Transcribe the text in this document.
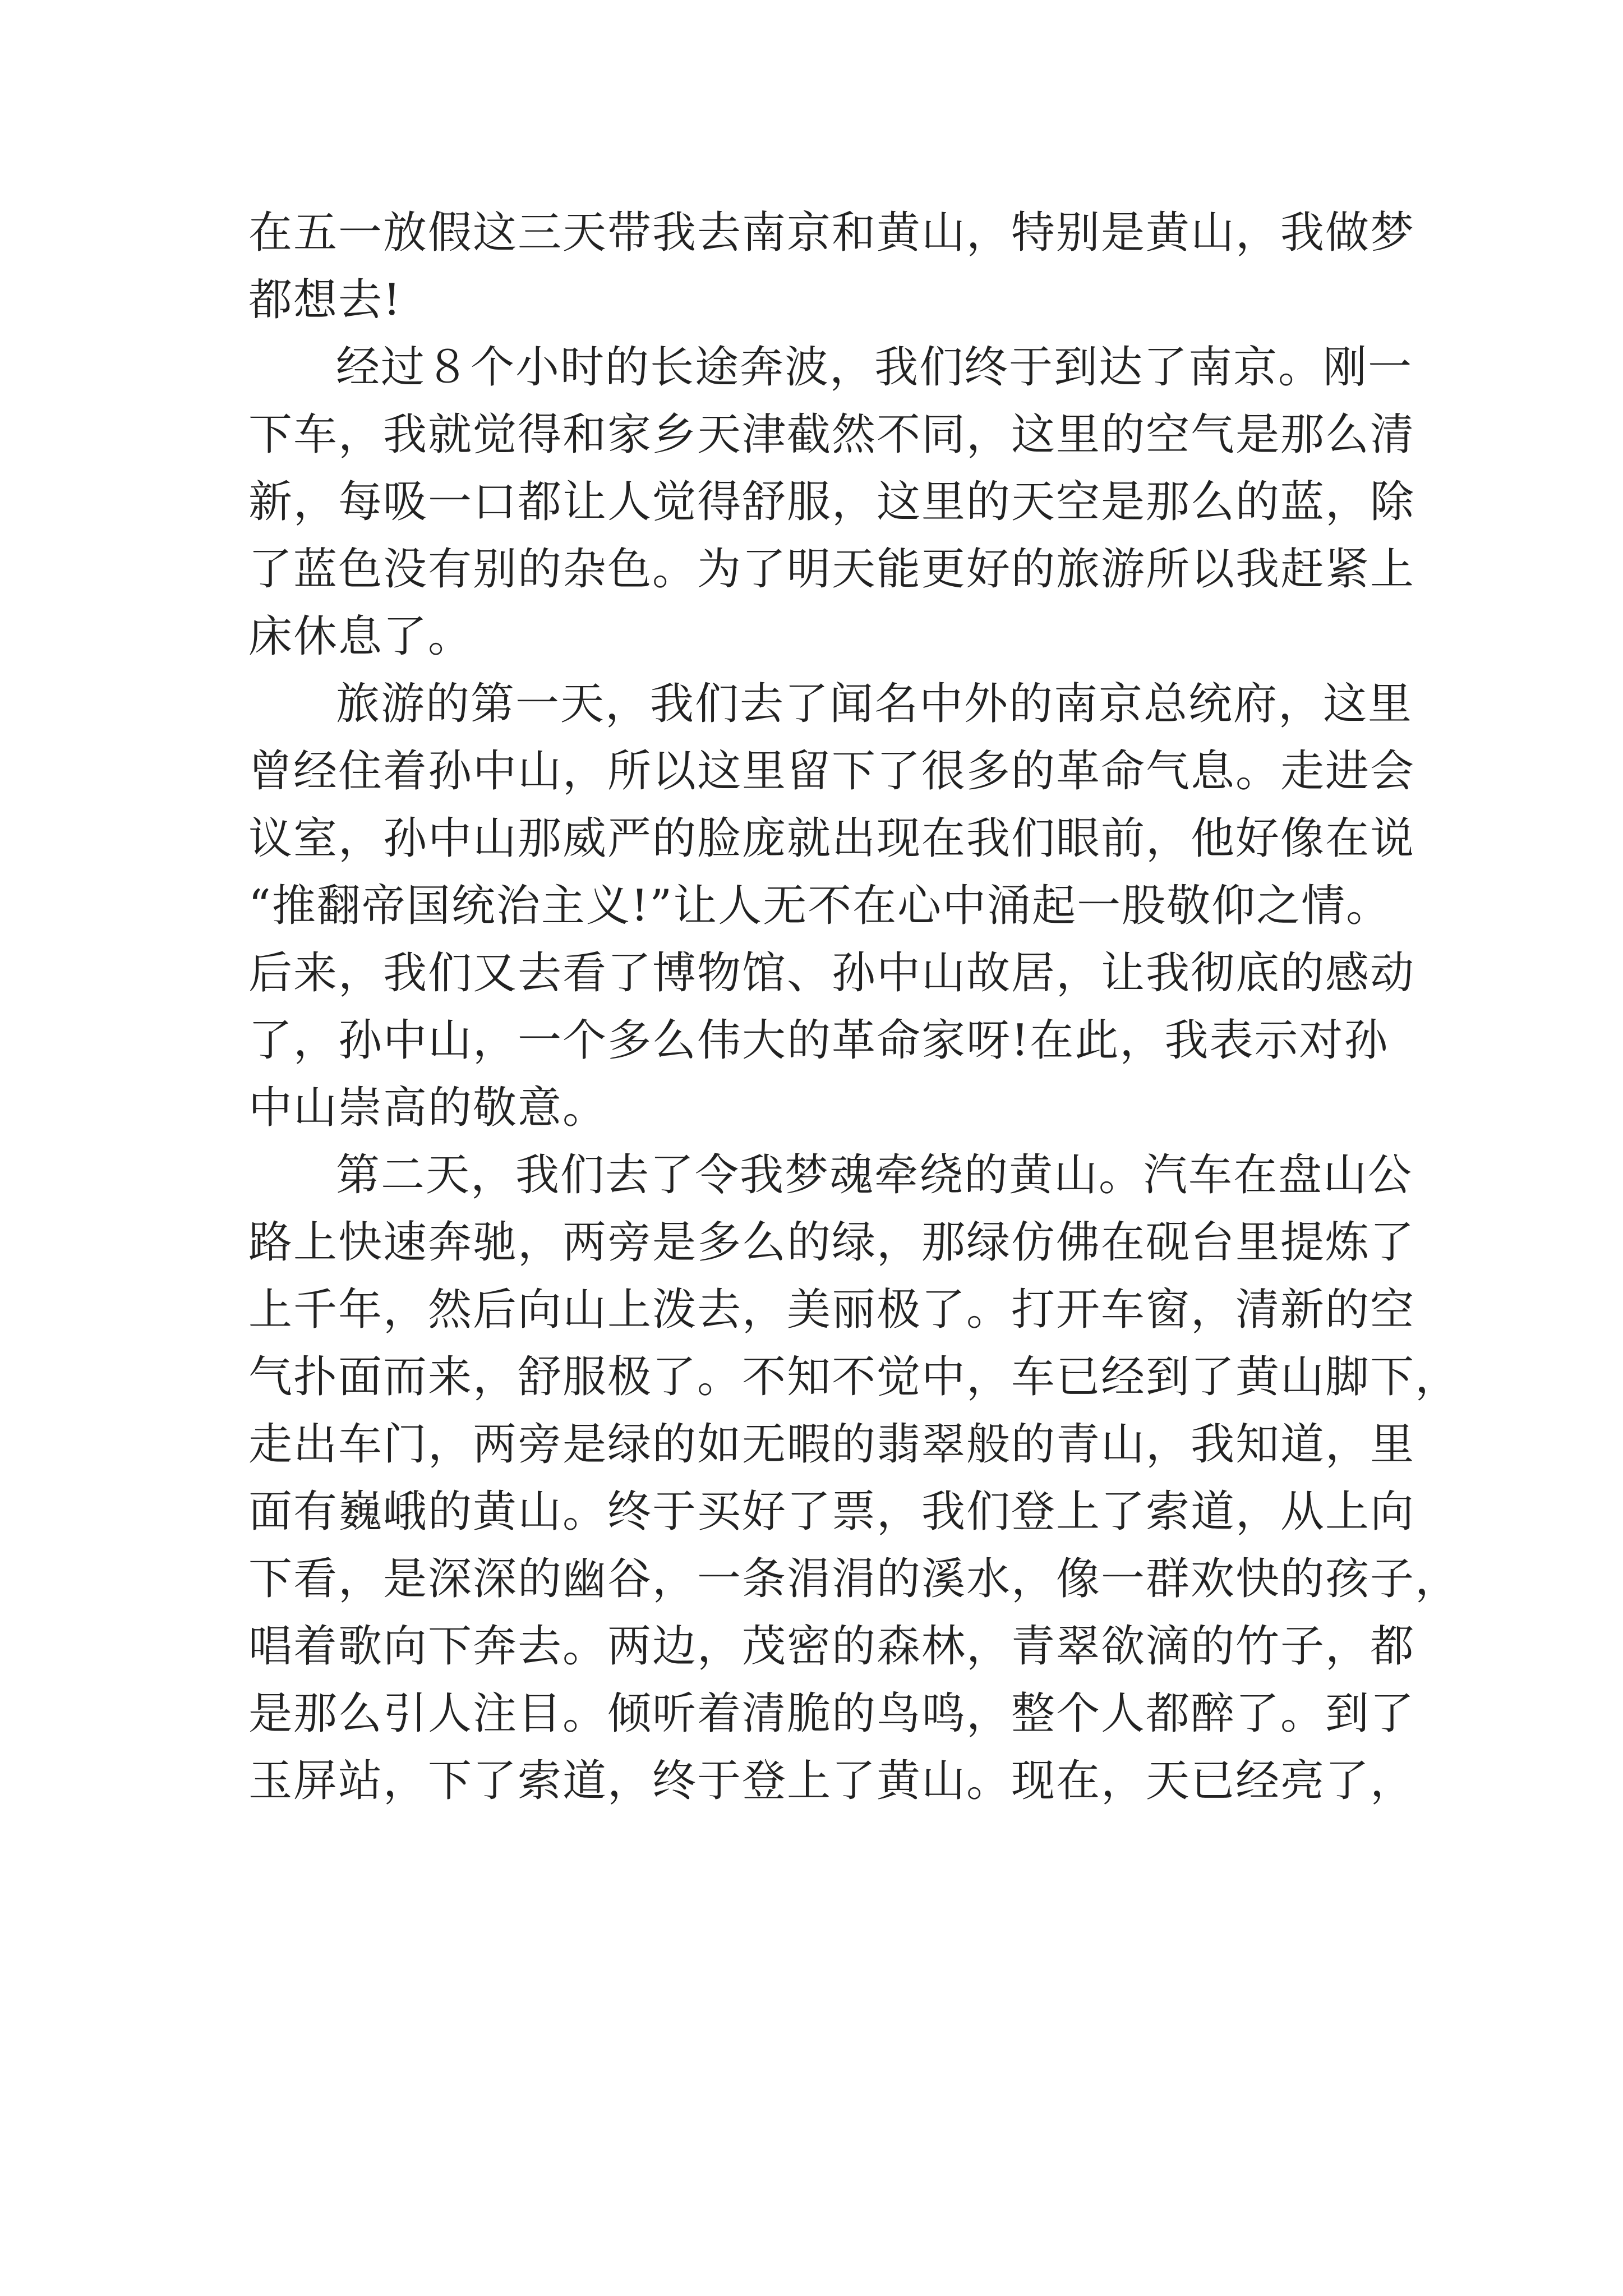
在五一放假这三天带我去南京和黄山，特别是黄山，我做梦
都想去!
经过８个小时的长途奔波，我们终于到达了南京。刚一
下车，我就觉得和家乡天津截然不同，这里的空气是那么清
新，每吸一口都让人觉得舒服，这里的天空是那么的蓝，除
了蓝色没有别的杂色。为了明天能更好的旅游所以我赶紧上
床休息了。
旅游的第一天，我们去了闻名中外的南京总统府，这里
曾经住着孙中山，所以这里留下了很多的革命气息。走进会
议室，孙中山那威严的脸庞就出现在我们眼前，他好像在说
“推翻帝国统治主义!”让人无不在心中涌起一股敬仰之情。
后来，我们又去看了博物馆、孙中山故居，让我彻底的感动
了，孙中山，一个多么伟大的革命家呀!在此，我表示对孙
中山崇高的敬意。
第二天，我们去了令我梦魂牵绕的黄山。汽车在盘山公
路上快速奔驰，两旁是多么的绿，那绿仿佛在砚台里提炼了
上千年，然后向山上泼去，美丽极了。打开车窗，清新的空
气扑面而来，舒服极了。不知不觉中，车已经到了黄山脚下，
走出车门，两旁是绿的如无暇的翡翠般的青山，我知道，里
面有巍峨的黄山。终于买好了票，我们登上了索道，从上向
下看，是深深的幽谷，一条涓涓的溪水，像一群欢快的孩子，
唱着歌向下奔去。两边，茂密的森林，青翠欲滴的竹子，都
是那么引人注目。倾听着清脆的鸟鸣，整个人都醉了。到了
玉屏站，下了索道，终于登上了黄山。现在，天已经亮了，
